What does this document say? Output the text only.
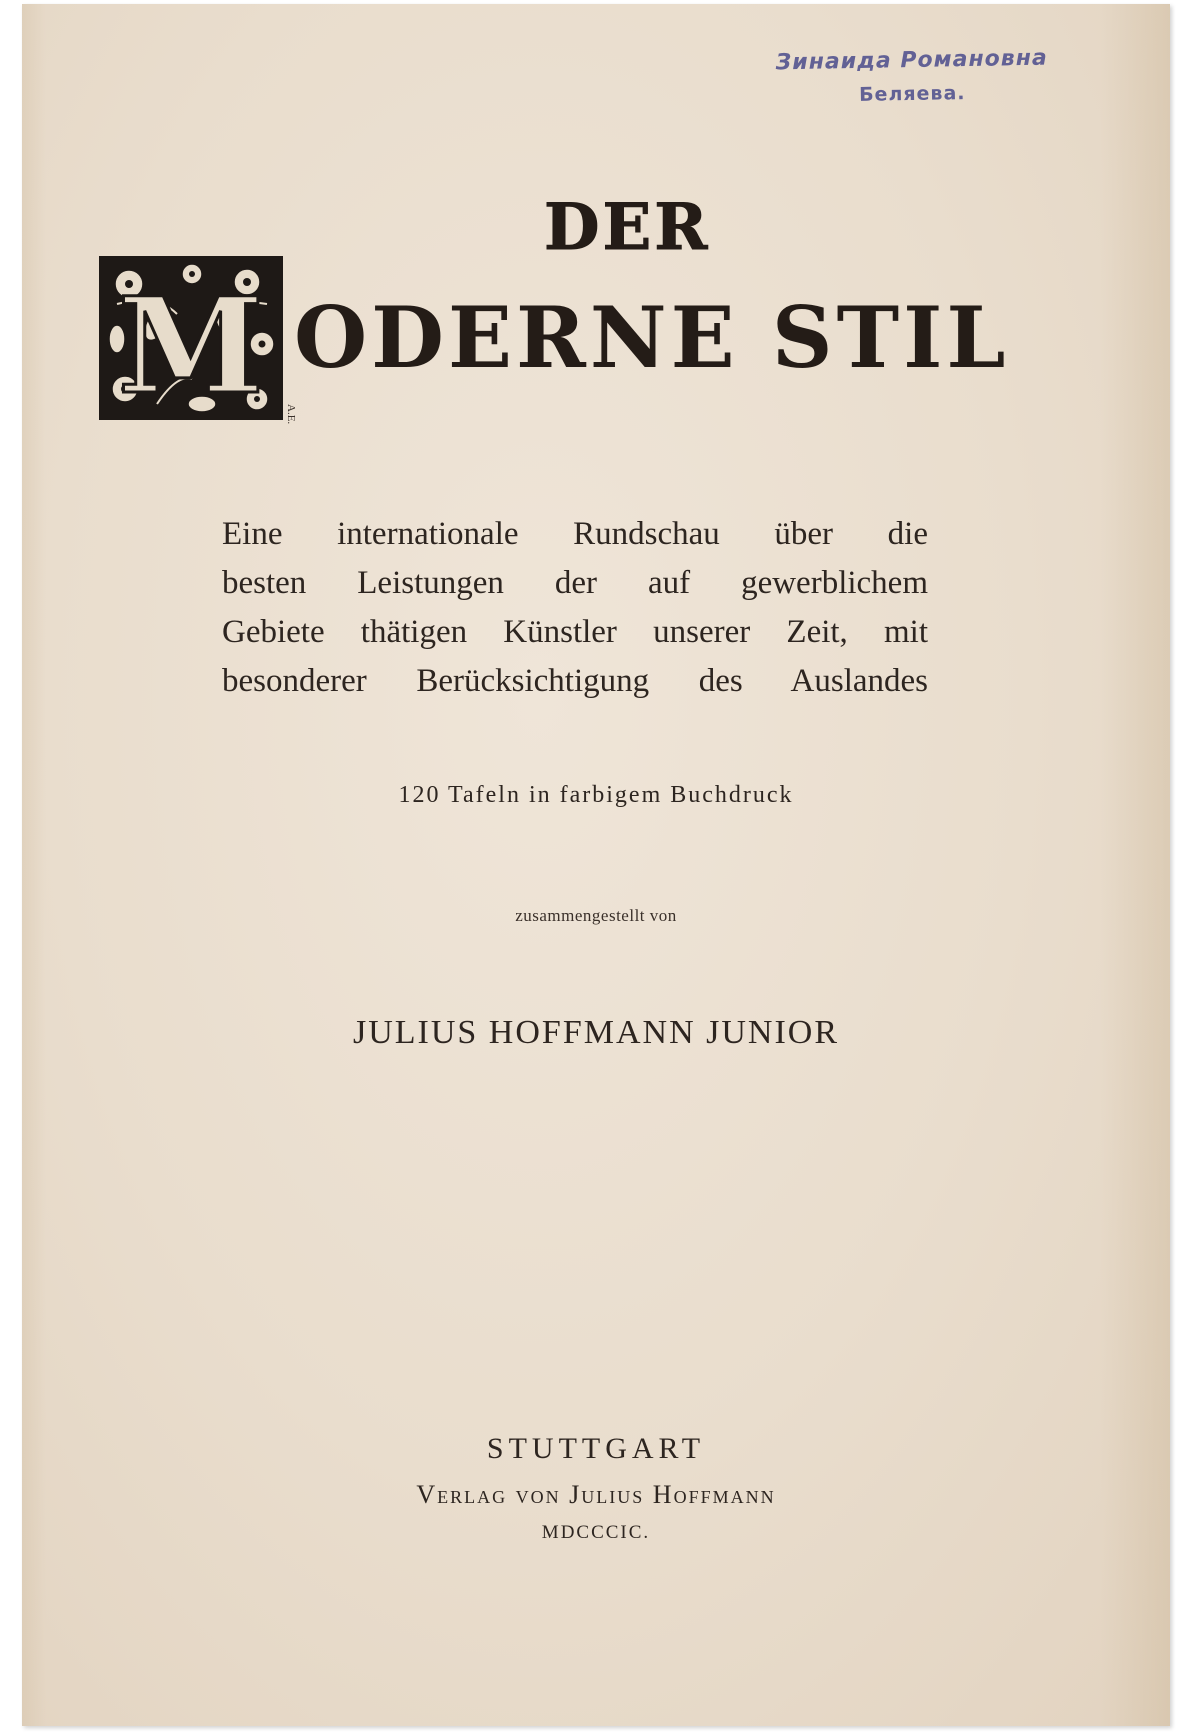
Зинаида Романовна
Беляева.
DER
M ODERNE STIL
A.E.
Eine internationale Rundschau über die
besten Leistungen der auf gewerblichem
Gebiete thätigen Künstler unserer Zeit, mit
besonderer Berücksichtigung des Auslandes
120 Tafeln in farbigem Buchdruck
zusammengestellt von
JULIUS HOFFMANN JUNIOR
STUTTGART
Verlag von Julius Hoffmann
MDCCCIC.
